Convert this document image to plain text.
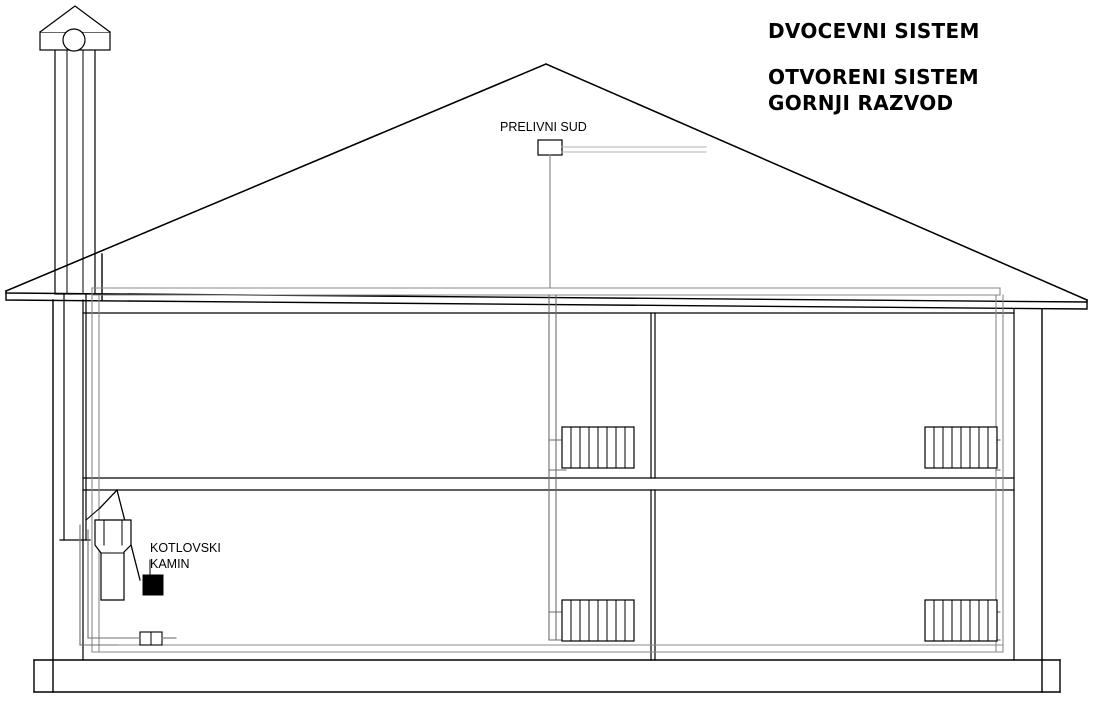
DVOCEVNI SISTEM
OTVORENI SISTEM
GORNJI RAZVOD
PRELIVNI SUD
KOTLOVSKI
KAMIN
